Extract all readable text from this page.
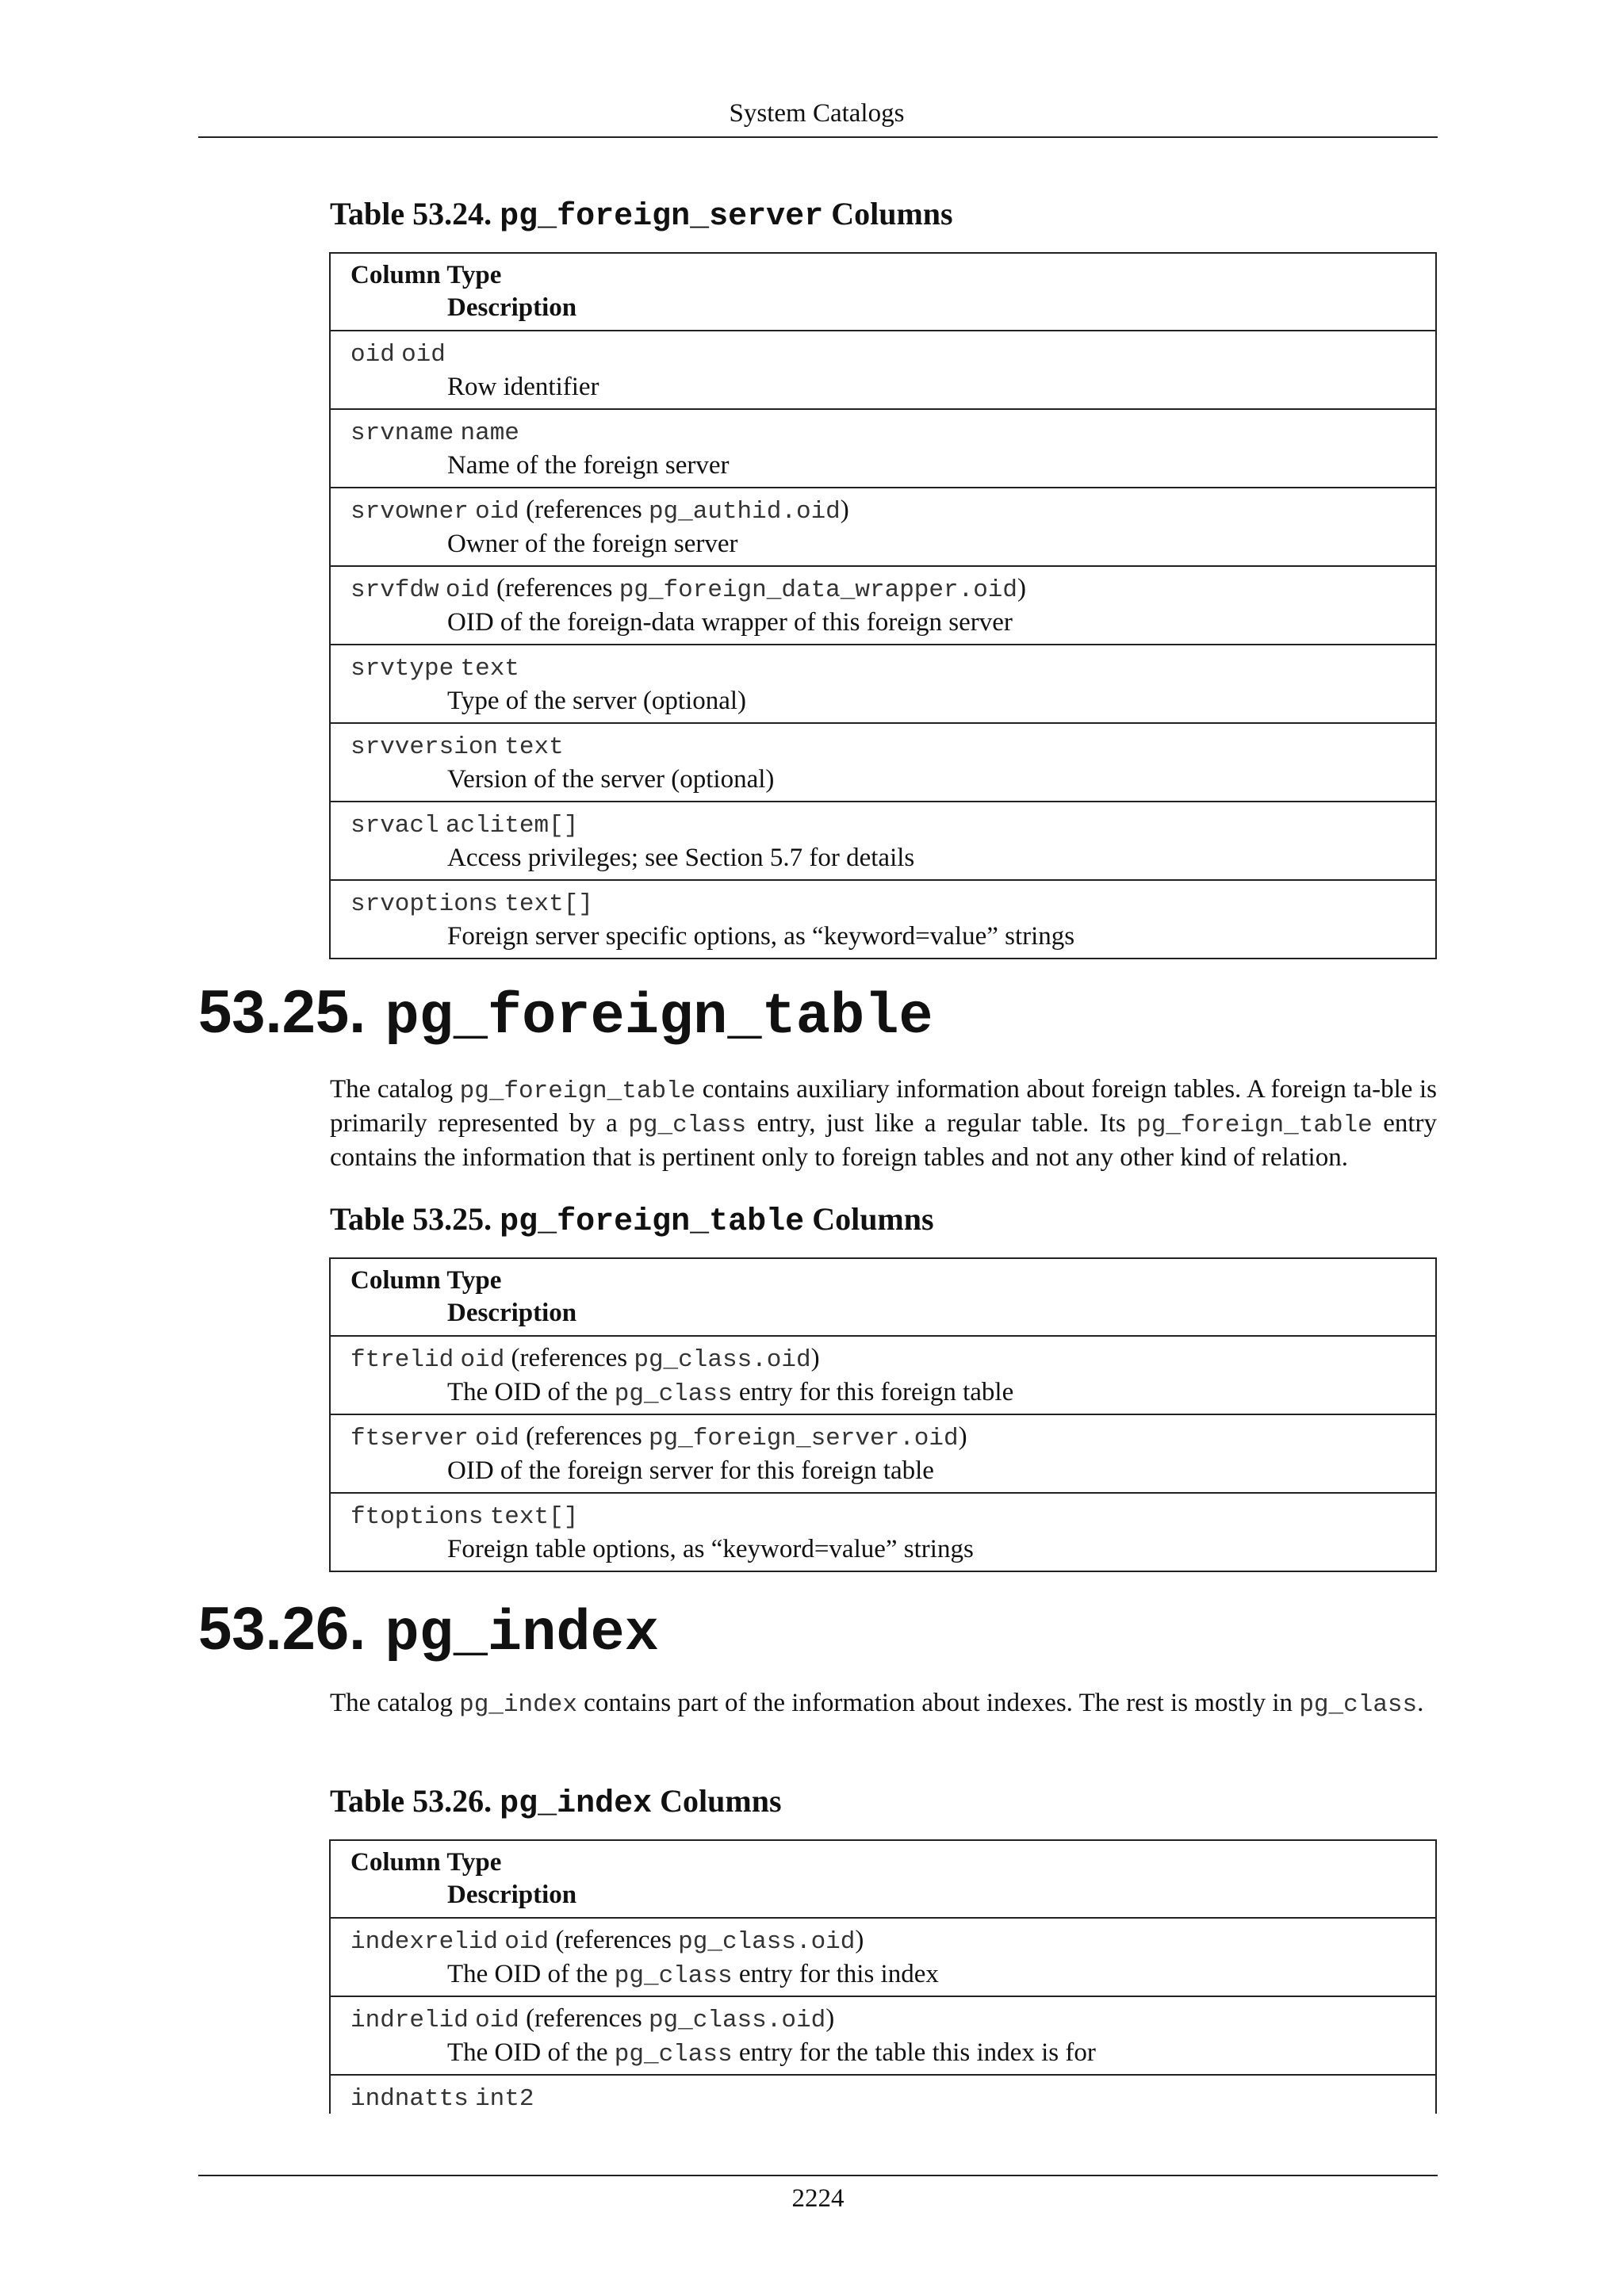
System Catalogs
Table 53.24. pg_foreign_server Columns
Column Type
Description
oid oid
Row identifier
srvname name
Name of the foreign server
srvowner oid (references pg_authid.oid)
Owner of the foreign server
srvfdw oid (references pg_foreign_data_wrapper.oid)
OID of the foreign-data wrapper of this foreign server
srvtype text
Type of the server (optional)
srvversion text
Version of the server (optional)
srvacl aclitem[]
Access privileges; see Section 5.7 for details
srvoptions text[]
Foreign server specific options, as “keyword=value” strings
53.25. pg_foreign_table
The catalog pg_foreign_table contains auxiliary information about foreign tables. A foreign ta-ble is primarily represented by a pg_class entry, just like a regular table. Its pg_foreign_table entry contains the information that is pertinent only to foreign tables and not any other kind of relation.
Table 53.25. pg_foreign_table Columns
Column Type
Description
ftrelid oid (references pg_class.oid)
The OID of the pg_class entry for this foreign table
ftserver oid (references pg_foreign_server.oid)
OID of the foreign server for this foreign table
ftoptions text[]
Foreign table options, as “keyword=value” strings
53.26. pg_index
The catalog pg_index contains part of the information about indexes. The rest is mostly in pg_class.
Table 53.26. pg_index Columns
Column Type
Description
indexrelid oid (references pg_class.oid)
The OID of the pg_class entry for this index
indrelid oid (references pg_class.oid)
The OID of the pg_class entry for the table this index is for
indnatts int2
2224
